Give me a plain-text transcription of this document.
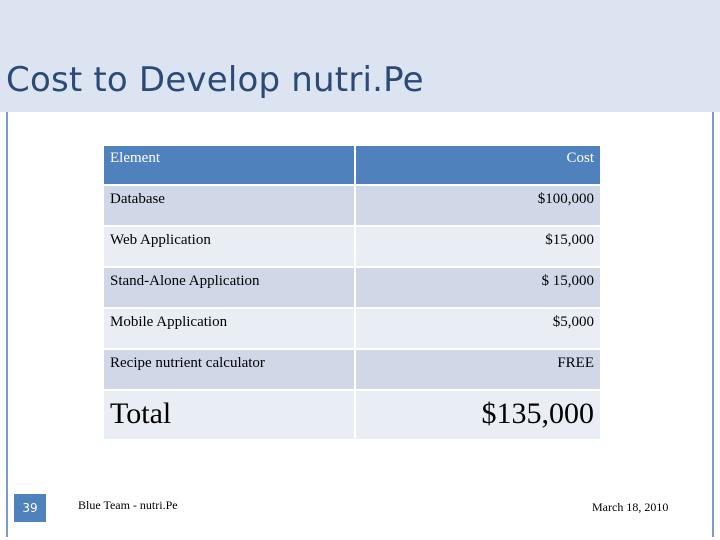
Cost to Develop nutri.Pe
Element	Cost
Database	$100,000
Web Application	$15,000
Stand-Alone Application	$ 15,000
Mobile Application	$5,000
Recipe nutrient calculator	FREE
Total	$135,000
39	Blue Team - nutri.Pe	March 18, 2010
